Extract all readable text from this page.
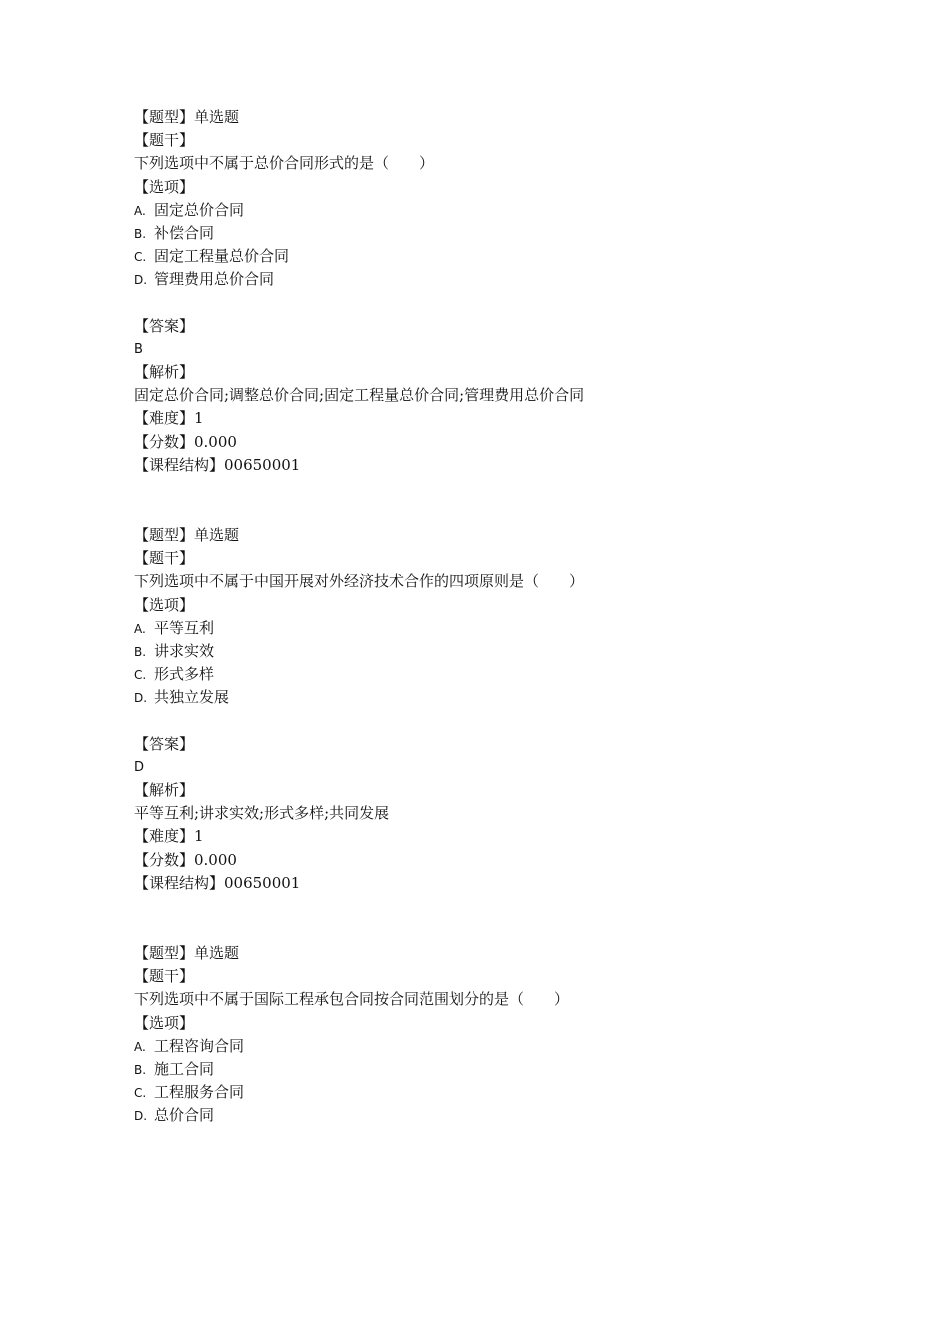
【题型】单选题
【题干】
下列选项中不属于总价合同形式的是（　　）
【选项】
A. 固定总价合同
B. 补偿合同
C. 固定工程量总价合同
D. 管理费用总价合同
【答案】
B
【解析】
固定总价合同;调整总价合同;固定工程量总价合同;管理费用总价合同
【难度】1
【分数】0.000
【课程结构】00650001
【题型】单选题
【题干】
下列选项中不属于中国开展对外经济技术合作的四项原则是（　　）
【选项】
A. 平等互利
B. 讲求实效
C. 形式多样
D. 共独立发展
【答案】
D
【解析】
平等互利;讲求实效;形式多样;共同发展
【难度】1
【分数】0.000
【课程结构】00650001
【题型】单选题
【题干】
下列选项中不属于国际工程承包合同按合同范围划分的是（　　）
【选项】
A. 工程咨询合同
B. 施工合同
C. 工程服务合同
D. 总价合同
